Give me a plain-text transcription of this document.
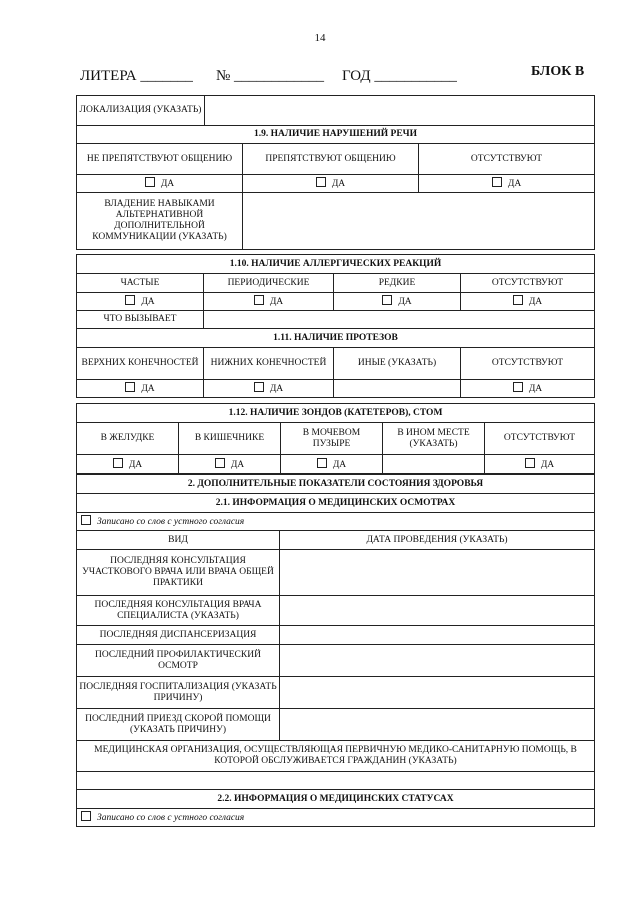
14
ЛИТЕРА _______ № ____________ ГОД ___________	БЛОК В
ЛОКАЛИЗАЦИЯ (УКАЗАТЬ)			
1.9. НАЛИЧИЕ НАРУШЕНИЙ РЕЧИ			
НЕ ПРЕПЯТСТВУЮТ ОБЩЕНИЮ		ПРЕПЯТСТВУЮТ ОБЩЕНИЮ	ОТСУТСТВУЮТ
ДА		ДА	ДА
ВЛАДЕНИЕ НАВЫКАМИ АЛЬТЕРНАТИВНОЙ ДОПОЛНИТЕЛЬНОЙ КОММУНИКАЦИИ (УКАЗАТЬ)			
1.10. НАЛИЧИЕ АЛЛЕРГИЧЕСКИХ РЕАКЦИЙ			
ЧАСТЫЕ	ПЕРИОДИЧЕСКИЕ	РЕДКИЕ	ОТСУТСТВУЮТ
ДА	ДА	ДА	ДА
ЧТО ВЫЗЫВАЕТ			
1.11. НАЛИЧИЕ ПРОТЕЗОВ			
ВЕРХНИХ КОНЕЧНОСТЕЙ	НИЖНИХ КОНЕЧНОСТЕЙ	ИНЫЕ (УКАЗАТЬ)	ОТСУТСТВУЮТ
ДА	ДА		ДА
1.12. НАЛИЧИЕ ЗОНДОВ (КАТЕТЕРОВ), СТОМ				
В ЖЕЛУДКЕ	В КИШЕЧНИКЕ	В МОЧЕВОМ ПУЗЫРЕ	В ИНОМ МЕСТЕ (УКАЗАТЬ)	ОТСУТСТВУЮТ
ДА	ДА	ДА		ДА
2. ДОПОЛНИТЕЛЬНЫЕ ПОКАЗАТЕЛИ СОСТОЯНИЯ ЗДОРОВЬЯ	
2.1. ИНФОРМАЦИЯ О МЕДИЦИНСКИХ ОСМОТРАХ	
Записано со слов с устного согласия	
ВИД	ДАТА ПРОВЕДЕНИЯ (УКАЗАТЬ)
ПОСЛЕДНЯЯ КОНСУЛЬТАЦИЯ УЧАСТКОВОГО ВРАЧА ИЛИ ВРАЧА ОБЩЕЙ ПРАКТИКИ	
ПОСЛЕДНЯЯ КОНСУЛЬТАЦИЯ ВРАЧА СПЕЦИАЛИСТА (УКАЗАТЬ)	
ПОСЛЕДНЯЯ ДИСПАНСЕРИЗАЦИЯ	
ПОСЛЕДНИЙ ПРОФИЛАКТИЧЕСКИЙ ОСМОТР	
ПОСЛЕДНЯЯ ГОСПИТАЛИЗАЦИЯ (УКАЗАТЬ ПРИЧИНУ)	
ПОСЛЕДНИЙ ПРИЕЗД СКОРОЙ ПОМОЩИ (УКАЗАТЬ ПРИЧИНУ)	
МЕДИЦИНСКАЯ ОРГАНИЗАЦИЯ, ОСУЩЕСТВЛЯЮЩАЯ ПЕРВИЧНУЮ МЕДИКО-САНИТАРНУЮ ПОМОЩЬ, В КОТОРОЙ ОБСЛУЖИВАЕТСЯ ГРАЖДАНИН (УКАЗАТЬ)	

2.2. ИНФОРМАЦИЯ О МЕДИЦИНСКИХ СТАТУСАХ	
Записано со слов с устного согласия	
